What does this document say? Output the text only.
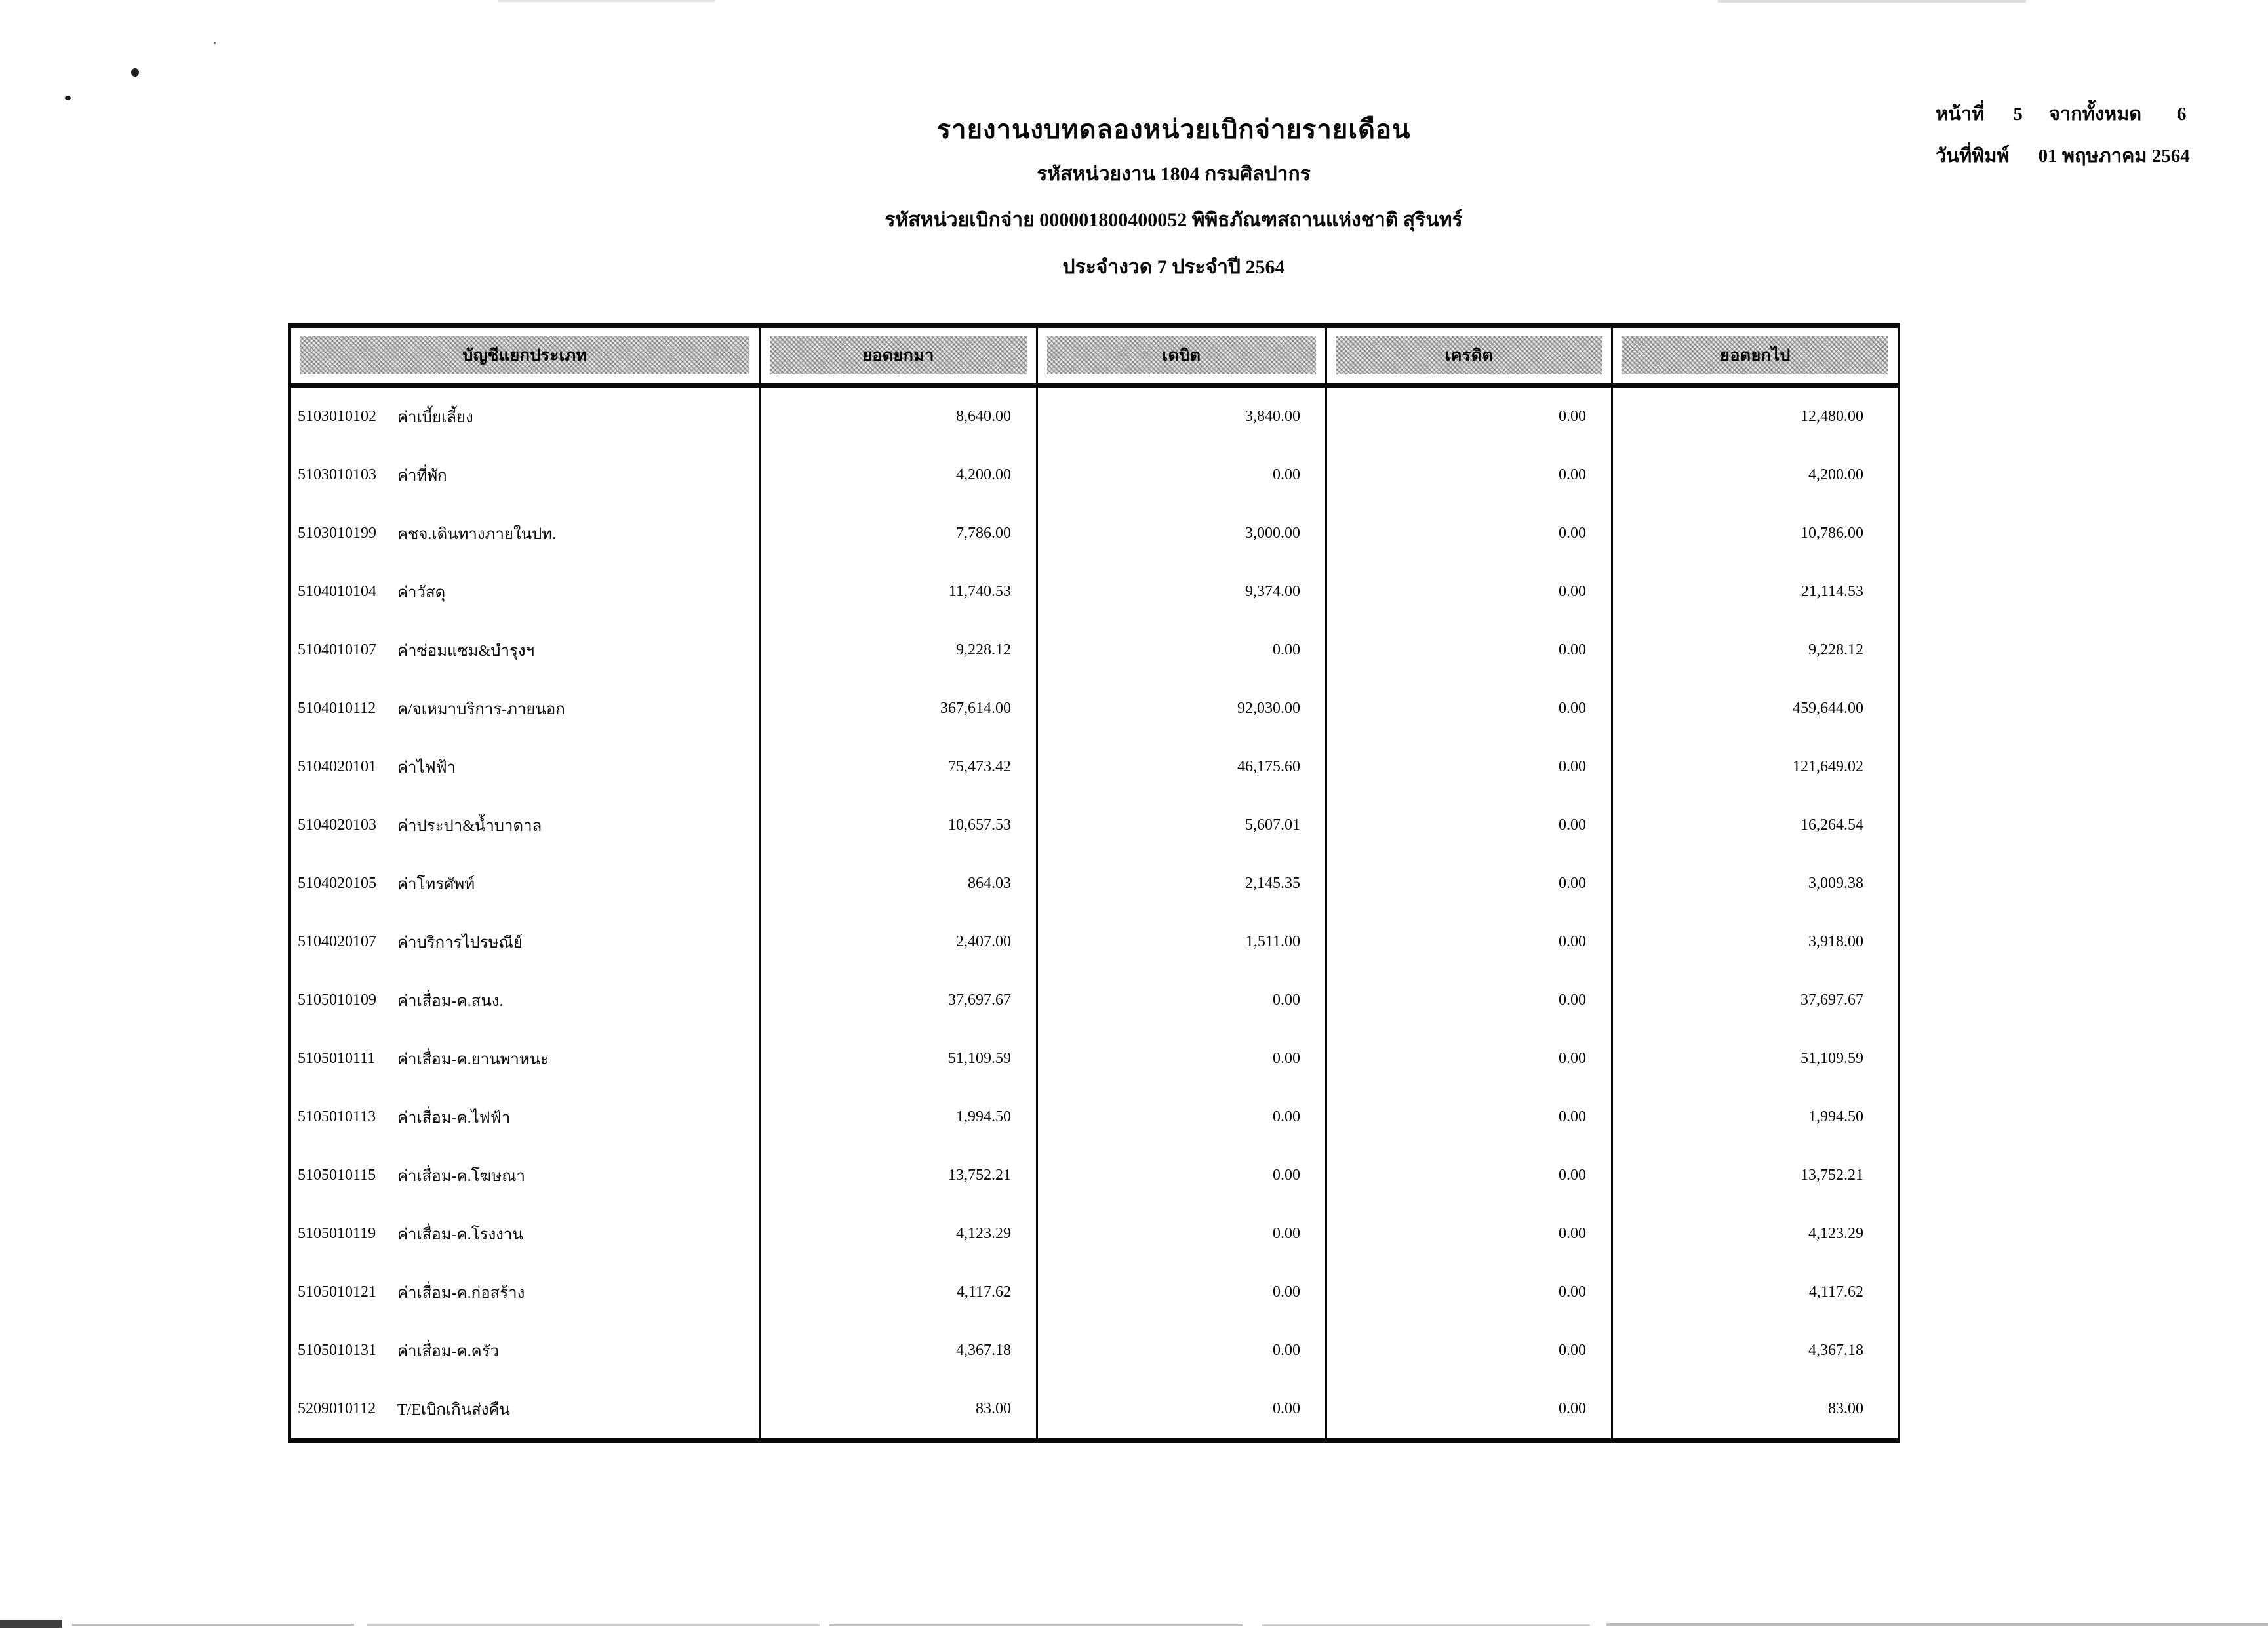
รายงานงบทดลองหน่วยเบิกจ่ายรายเดือน
รหัสหน่วยงาน 1804 กรมศิลปากร
รหัสหน่วยเบิกจ่าย 000001800400052 พิพิธภัณฑสถานแห่งชาติ สุรินทร์
ประจำงวด 7 ประจำปี 2564
หน้าที่ 5 จากทั้งหมด 6
วันที่พิมพ์ 01 พฤษภาคม 2564
บัญชีแยกประเภท	ยอดยกมา	เดบิต	เครดิต	ยอดยกไป
5103010102	ค่าเบี้ยเลี้ยง	8,640.00	3,840.00	0.00	12,480.00
5103010103	ค่าที่พัก	4,200.00	0.00	0.00	4,200.00
5103010199	คชจ.เดินทางภายในปท.	7,786.00	3,000.00	0.00	10,786.00
5104010104	ค่าวัสดุ	11,740.53	9,374.00	0.00	21,114.53
5104010107	ค่าซ่อมแซม&บำรุงฯ	9,228.12	0.00	0.00	9,228.12
5104010112	ค/จเหมาบริการ-ภายนอก	367,614.00	92,030.00	0.00	459,644.00
5104020101	ค่าไฟฟ้า	75,473.42	46,175.60	0.00	121,649.02
5104020103	ค่าประปา&น้ำบาดาล	10,657.53	5,607.01	0.00	16,264.54
5104020105	ค่าโทรศัพท์	864.03	2,145.35	0.00	3,009.38
5104020107	ค่าบริการไปรษณีย์	2,407.00	1,511.00	0.00	3,918.00
5105010109	ค่าเสื่อม-ค.สนง.	37,697.67	0.00	0.00	37,697.67
5105010111	ค่าเสื่อม-ค.ยานพาหนะ	51,109.59	0.00	0.00	51,109.59
5105010113	ค่าเสื่อม-ค.ไฟฟ้า	1,994.50	0.00	0.00	1,994.50
5105010115	ค่าเสื่อม-ค.โฆษณา	13,752.21	0.00	0.00	13,752.21
5105010119	ค่าเสื่อม-ค.โรงงาน	4,123.29	0.00	0.00	4,123.29
5105010121	ค่าเสื่อม-ค.ก่อสร้าง	4,117.62	0.00	0.00	4,117.62
5105010131	ค่าเสื่อม-ค.ครัว	4,367.18	0.00	0.00	4,367.18
5209010112	T/Eเบิกเกินส่งคืน	83.00	0.00	0.00	83.00
